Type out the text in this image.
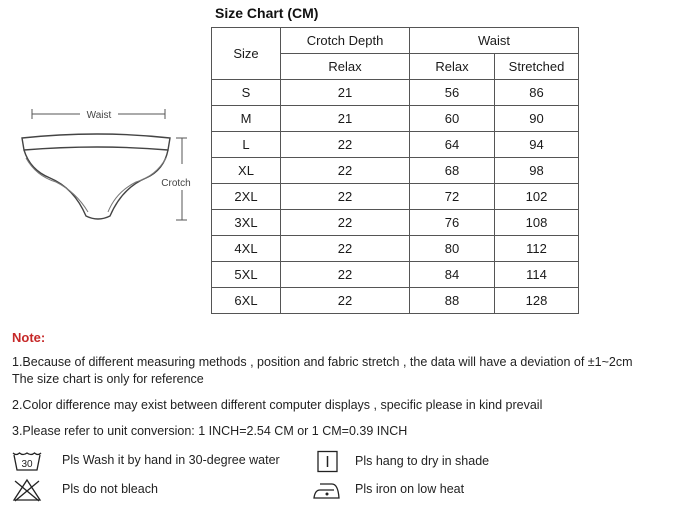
Size Chart (CM)
Waist
Crotch
Size	Crotch Depth	Waist	
	Relax	Relax	Stretched
S	21	56	86
M	21	60	90
L	22	64	94
XL	22	68	98
2XL	22	72	102
3XL	22	76	108
4XL	22	80	112
5XL	22	84	114
6XL	22	88	128
Note:
1.Because of different measuring methods , position and fabric stretch , the data will have a deviation of ±1~2cm
The size chart is only for reference
2.Color difference may exist between different computer displays , specific please in kind prevail
3.Please refer to unit conversion: 1 INCH=2.54 CM or 1 CM=0.39 INCH
30 Pls Wash it by hand in 30-degree water
Pls do not bleach
Pls hang to dry in shade
Pls iron on low heat
